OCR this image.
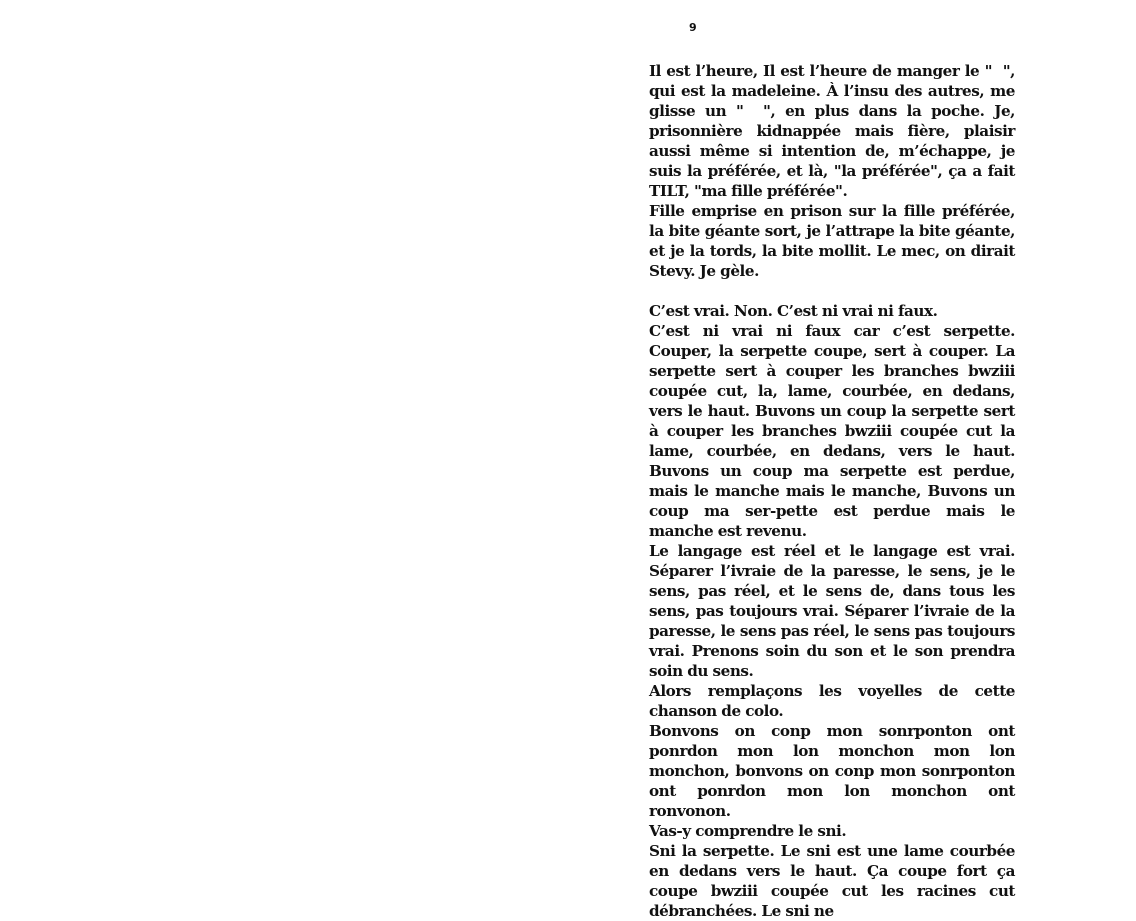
9

Il est l’heure, Il est l’heure de manger le "  ", qui est la madeleine. À l’insu des autres, me glisse un "  ", en plus dans la poche. Je, prisonnière kidnappée mais fière, plaisir aussi même si intention de, m’échappe, je suis la préférée, et là, "la préférée", ça a fait TILT, "ma fille préférée".

Fille emprise en prison sur la fille préférée, la bite géante sort, je l’attrape la bite géante, et je la tords, la bite mollit. Le mec, on dirait Stevy. Je gèle.

C’est vrai. Non. C’est ni vrai ni faux.

C’est ni vrai ni faux car c’est serpette. Couper, la serpette coupe, sert à couper. La serpette sert à couper les branches bwziii coupée cut, la, lame, courbée, en dedans, vers le haut. Buvons un coup la serpette sert à couper les branches bwziii coupée cut la lame, courbée, en dedans, vers le haut. Buvons un coup ma serpette est perdue, mais le manche mais le manche, Buvons un coup ma ser-pette est perdue mais le manche est revenu.

Le langage est réel et le langage est vrai. Séparer l’ivraie de la paresse, le sens, je le sens, pas réel, et le sens de, dans tous les sens, pas toujours vrai. Séparer l’ivraie de la paresse, le sens pas réel, le sens pas toujours vrai. Prenons soin du son et le son prendra soin du sens.

Alors remplaçons les voyelles de cette chanson de colo.

Bonvons on conp mon sonrponton ont ponrdon mon lon monchon mon lon monchon, bonvons on conp mon sonrponton ont ponrdon mon lon monchon ont ronvonon.

Vas-y comprendre le sni.

Sni la serpette. Le sni est une lame courbée en dedans vers le haut. Ça coupe fort ça coupe bwziii coupée cut les racines cut débranchées. Le sni ne
